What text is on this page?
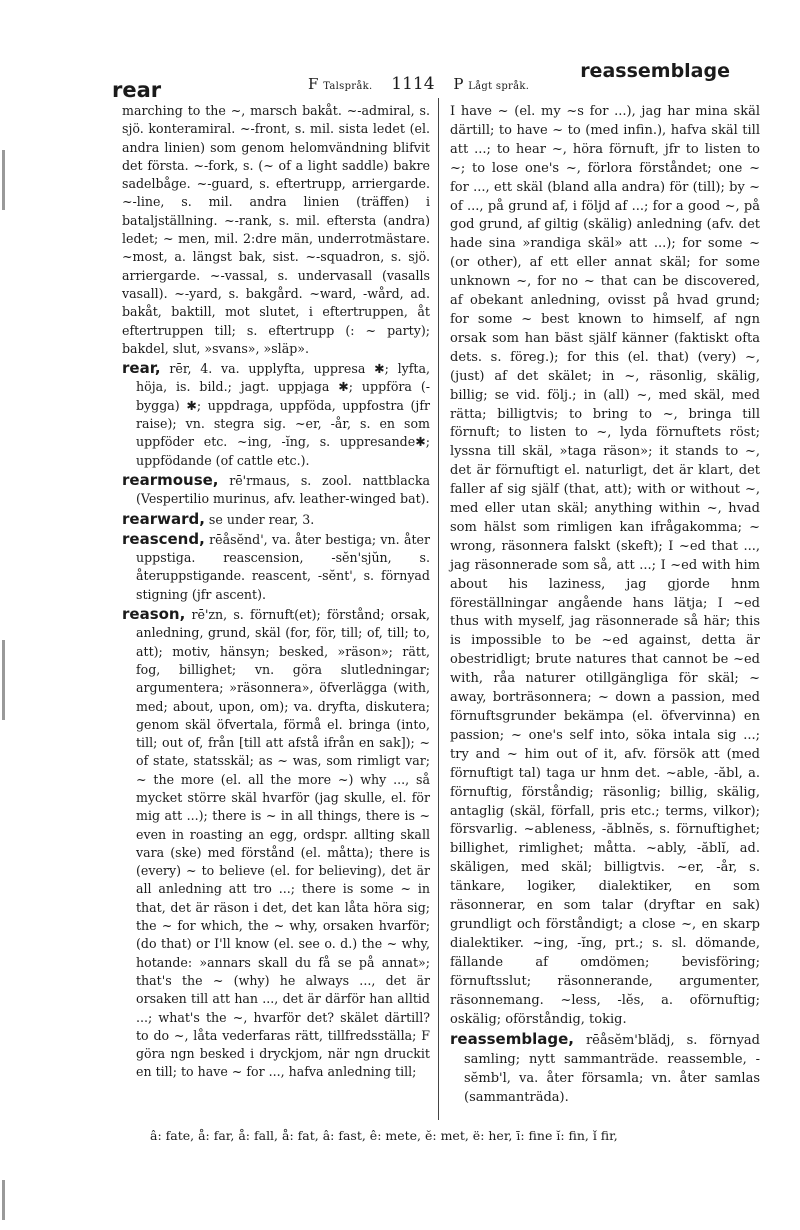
rear	F Talspråk. 1114 P Lågt språk.
reassemblage

marching to the ~, marsch bakåt. ~-admiral, s. sjö. konteramiral. ~-front, s. mil. sista ledet (el. andra linien) som genom helomvändning blifvit det första. ~-fork, s. (~ of a light saddle) bakre sadelbåge. ~-guard, s. eftertrupp, arriergarde. ~-line, s. mil. andra linien (träffen) i bataljställning. ~-rank, s. mil. eftersta (andra) ledet; ~ men, mil. 2:dre män, underrotmästare. ~most, a. längst bak, sist. ~-squadron, s. sjö. arriergarde. ~-vassal, s. undervasall (vasalls vasall). ~-yard, s. bakgård. ~ward, -wård, ad. bakåt, baktill, mot slutet, i eftertruppen, åt eftertruppen till; s. eftertrupp (: ~ party); bakdel, slut, »svans», »släp».

rear, rēr, 4. va. upplyfta, uppresa ✱; lyfta, höja, is. bild.; jagt. uppjaga ✱; uppföra (-bygga) ✱; uppdraga, uppföda, uppfostra (jfr raise); vn. stegra sig. ~er, -år, s. en som uppföder etc. ~ing, -ĭng, s. uppresande✱; uppfödande (of cattle etc.).

rearmouse, rē'rmaus, s. zool. nattblacka (Vespertilio murinus, afv. leather-winged bat).

rearward, se under rear, 3.

reascend, rēåsĕnd', va. åter bestiga; vn. åter uppstiga. reascension, -sĕn'sjŭn, s. återuppstigande. reascent, -sĕnt', s. förnyad stigning (jfr ascent).

reason, rē'zn, s. förnuft(et); förstånd; orsak, anledning, grund, skäl (for, för, till; of, till; to, att); motiv, hänsyn; besked, »räson»; rätt, fog, billighet; vn. göra slutledningar; argumentera; »räsonnera», öfverlägga (with, med; about, upon, om); va. dryfta, diskutera; genom skäl öfvertala, förmå el. bringa (into, till; out of, från [till att afstå ifrån en sak]); ~ of state, statsskäl; as ~ was, som rimligt var; ~ the more (el. all the more ~) why ..., så mycket större skäl hvarför (jag skulle, el. för mig att ...); there is ~ in all things, there is ~ even in roasting an egg, ordspr. allting skall vara (ske) med förstånd (el. måtta); there is (every) ~ to believe (el. for believing), det är all anledning att tro ...; there is some ~ in that, det är räson i det, det kan låta höra sig; the ~ for which, the ~ why, orsaken hvarför; (do that) or I'll know (el. see o. d.) the ~ why, hotande: »annars skall du få se på annat»; that's the ~ (why) he always ..., det är orsaken till att han ..., det är därför han alltid ...; what's the ~, hvarför det? skälet därtill? to do ~, låta vederfaras rätt, tillfredsställa; F göra ngn besked i dryckjom, när ngn druckit en till; to have ~ for ..., hafva anledning till;

I have ~ (el. my ~s for ...), jag har mina skäl därtill; to have ~ to (med infin.), hafva skäl till att ...; to hear ~, höra förnuft, jfr to listen to ~; to lose one's ~, förlora förståndet; one ~ for ..., ett skäl (bland alla andra) för (till); by ~ of ..., på grund af, i följd af ...; for a good ~, på god grund, af giltig (skälig) anledning (afv. det hade sina »randiga skäl» att ...); for some ~ (or other), af ett eller annat skäl; for some unknown ~, for no ~ that can be discovered, af obekant anledning, ovisst på hvad grund; for some ~ best known to himself, af ngn orsak som han bäst själf känner (faktiskt ofta dets. s. föreg.); for this (el. that) (very) ~, (just) af det skälet; in ~, räsonlig, skälig, billig; se vid. följ.; in (all) ~, med skäl, med rätta; billigtvis; to bring to ~, bringa till förnuft; to listen to ~, lyda förnuftets röst; lyssna till skäl, »taga räson»; it stands to ~, det är förnuftigt el. naturligt, det är klart, det faller af sig själf (that, att); with or without ~, med eller utan skäl; anything within ~, hvad som hälst som rimligen kan ifrågakomma; ~ wrong, räsonnera falskt (skeft); I ~ed that ..., jag räsonnerade som så, att ...; I ~ed with him about his laziness, jag gjorde hnm föreställningar angående hans lätja; I ~ed thus with myself, jag räsonnerade så här; this is impossible to be ~ed against, detta är obestridligt; brute natures that cannot be ~ed with, råa naturer otillgängliga för skäl; ~ away, borträsonnera; ~ down a passion, med förnuftsgrunder bekämpa (el. öfvervinna) en passion; ~ one's self into, söka intala sig ...; try and ~ him out of it, afv. försök att (med förnuftigt tal) taga ur hnm det. ~able, -ăbl, a. förnuftig, förståndig; räsonlig; billig, skälig, antaglig (skäl, förfall, pris etc.; terms, vilkor); försvarlig. ~ableness, -ăblnĕs, s. förnuftighet; billighet, rimlighet; måtta. ~ably, -ăblĭ, ad. skäligen, med skäl; billigtvis. ~er, -år, s. tänkare, logiker, dialektiker, en som räsonnerar, en som talar (dryftar en sak) grundligt och förståndigt; a close ~, en skarp dialektiker. ~ing, -ĭng, prt.; s. sl. dömande, fällande af omdömen; bevisföring; förnuftsslut; räsonnerande, argumenter, räsonnemang. ~less, -lĕs, a. oförnuftig; oskälig; oförståndig, tokig.

reassemblage, rēåsĕm'blădj, s. förnyad samling; nytt sammanträde. reassemble, -sĕmb'l, va. åter församla; vn. åter samlas (sammanträda).

â: fate, å: far, å: fall, å: fat, â: fast, ê: mete, ĕ: met, ë: her, ī: fine ĭ: fin, ǐ fir,
